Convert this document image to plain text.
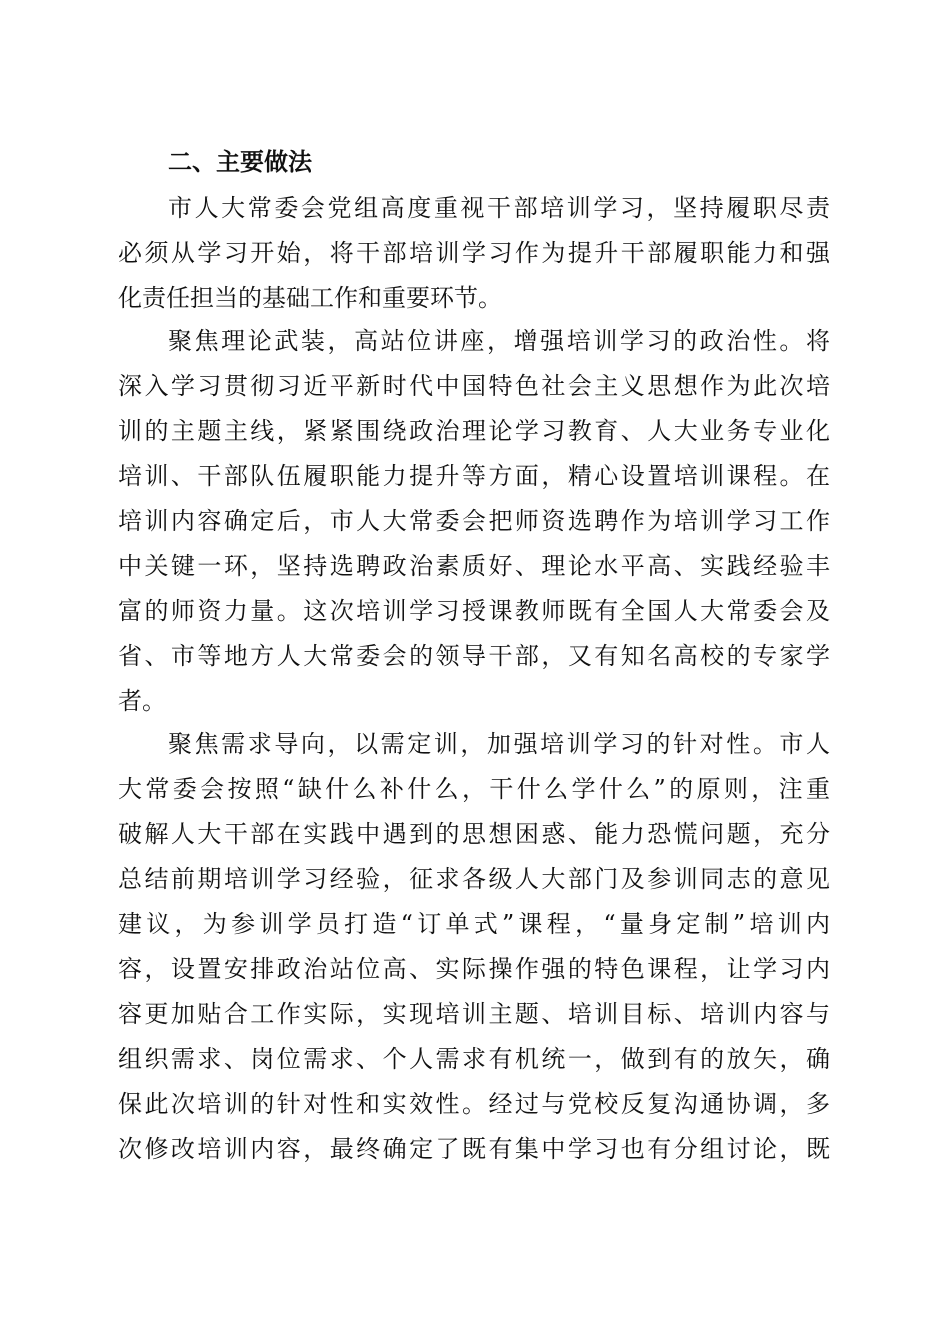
二、主要做法
市人大常委会党组高度重视干部培训学习，坚持履职尽责
必须从学习开始，将干部培训学习作为提升干部履职能力和强
化责任担当的基础工作和重要环节。
聚焦理论武装，高站位讲座，增强培训学习的政治性。将
深入学习贯彻习近平新时代中国特色社会主义思想作为此次培
训的主题主线，紧紧围绕政治理论学习教育、人大业务专业化
培训、干部队伍履职能力提升等方面，精心设置培训课程。在
培训内容确定后，市人大常委会把师资选聘作为培训学习工作
中关键一环，坚持选聘政治素质好、理论水平高、实践经验丰
富的师资力量。这次培训学习授课教师既有全国人大常委会及
省、市等地方人大常委会的领导干部，又有知名高校的专家学
者。
聚焦需求导向，以需定训，加强培训学习的针对性。市人
大常委会按照“缺什么补什么，干什么学什么”的原则，注重
破解人大干部在实践中遇到的思想困惑、能力恐慌问题，充分
总结前期培训学习经验，征求各级人大部门及参训同志的意见
建议，为参训学员打造“订单式”课程，“量身定制”培训内
容，设置安排政治站位高、实际操作强的特色课程，让学习内
容更加贴合工作实际，实现培训主题、培训目标、培训内容与
组织需求、岗位需求、个人需求有机统一，做到有的放矢，确
保此次培训的针对性和实效性。经过与党校反复沟通协调，多
次修改培训内容，最终确定了既有集中学习也有分组讨论，既
